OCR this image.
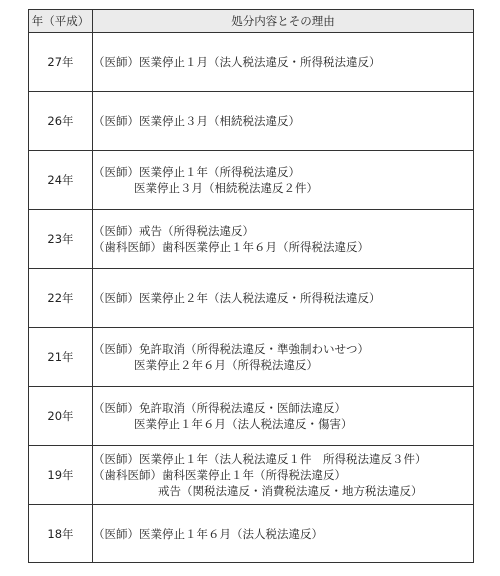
年（平成）	処分内容とその理由
27年	（医師）医業停止１月（法人税法違反・所得税法違反）

26年	（医師）医業停止３月（相続税法違反）

24年	（医師）医業停止１年（所得税法違反）
医業停止３月（相続税法違反２件）

23年	（医師）戒告（所得税法違反）
（歯科医師）歯科医業停止１年６月（所得税法違反）

22年	（医師）医業停止２年（法人税法違反・所得税法違反）

21年	（医師）免許取消（所得税法違反・準強制わいせつ）
医業停止２年６月（所得税法違反）

20年	（医師）免許取消（所得税法違反・医師法違反）
医業停止１年６月（法人税法違反・傷害）

19年	（医師）医業停止１年（法人税法違反１件　所得税法違反３件）
（歯科医師）歯科医業停止１年（所得税法違反）
戒告（関税法違反・消費税法違反・地方税法違反）

18年	（医師）医業停止１年６月（法人税法違反）
